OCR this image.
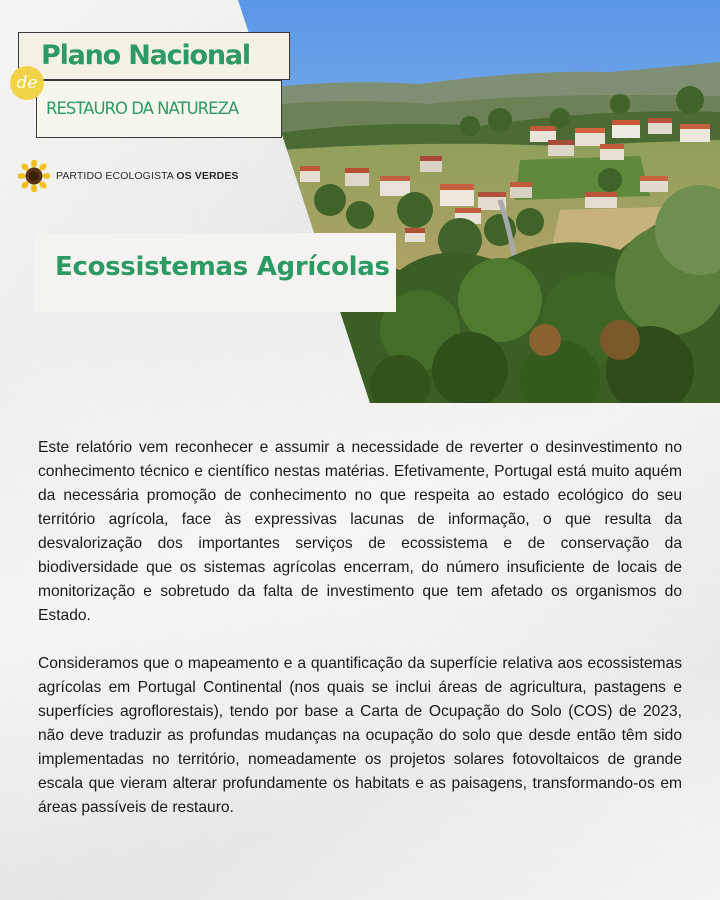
Plano Nacional
RESTAURO DA NATUREZA
de
PARTIDO ECOLOGISTA OS VERDES
Ecossistemas Agrícolas

Este relatório vem reconhecer e assumir a necessidade de reverter o desinvestimento no conhecimento técnico e científico nestas matérias. Efetivamente, Portugal está muito aquém da necessária promoção de conhecimento no que respeita ao estado ecológico do seu território agrícola, face às expressivas lacunas de informação, o que resulta da desvalorização dos importantes serviços de ecossistema e de conservação da biodiversidade que os sistemas agrícolas encerram, do número insuficiente de locais de monitorização e sobretudo da falta de investimento que tem afetado os organismos do Estado.

Consideramos que o mapeamento e a quantificação da superfície relativa aos ecossistemas agrícolas em Portugal Continental (nos quais se inclui áreas de agricultura, pastagens e superfícies agroflorestais), tendo por base a Carta de Ocupação do Solo (COS) de 2023, não deve traduzir as profundas mudanças na ocupação do solo que desde então têm sido implementadas no território, nomeadamente os projetos solares fotovoltaicos de grande escala que vieram alterar profundamente os habitats e as paisagens, transformando-os em áreas passíveis de restauro.
